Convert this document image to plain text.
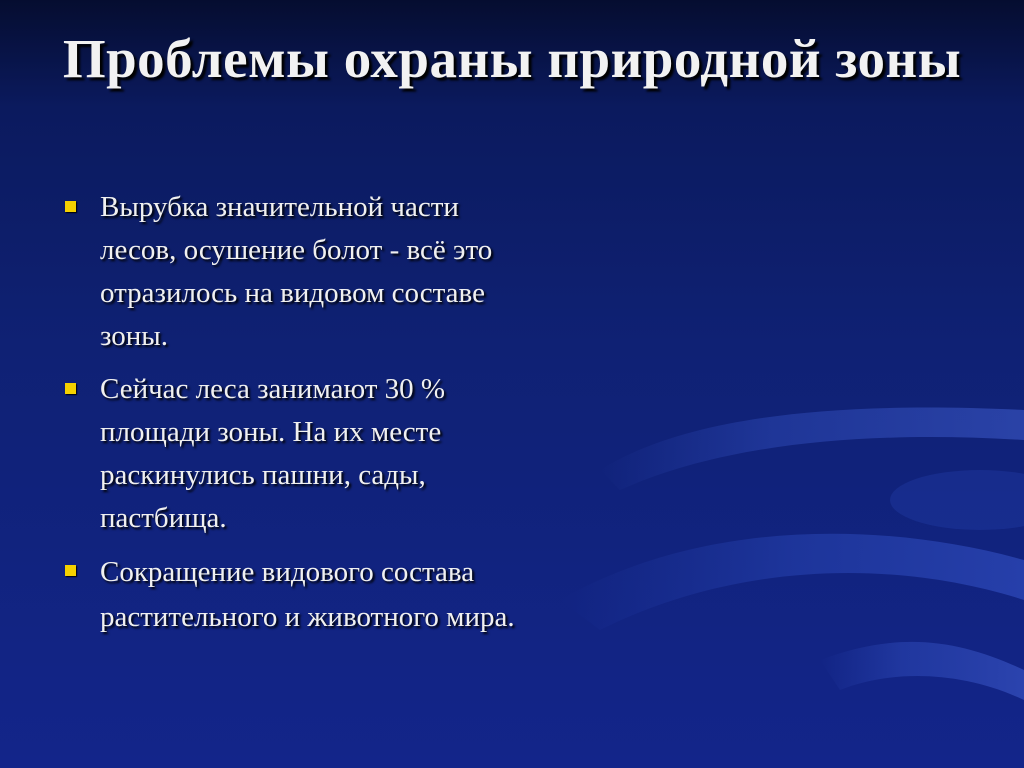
Проблемы охраны природной зоны
Вырубка значительной части лесов, осушение болот - всё это отразилось на видовом составе зоны.
Сейчас леса занимают 30 % площади зоны. На их месте раскинулись пашни, сады, пастбища.
Сокращение видового состава растительного и животного мира.
